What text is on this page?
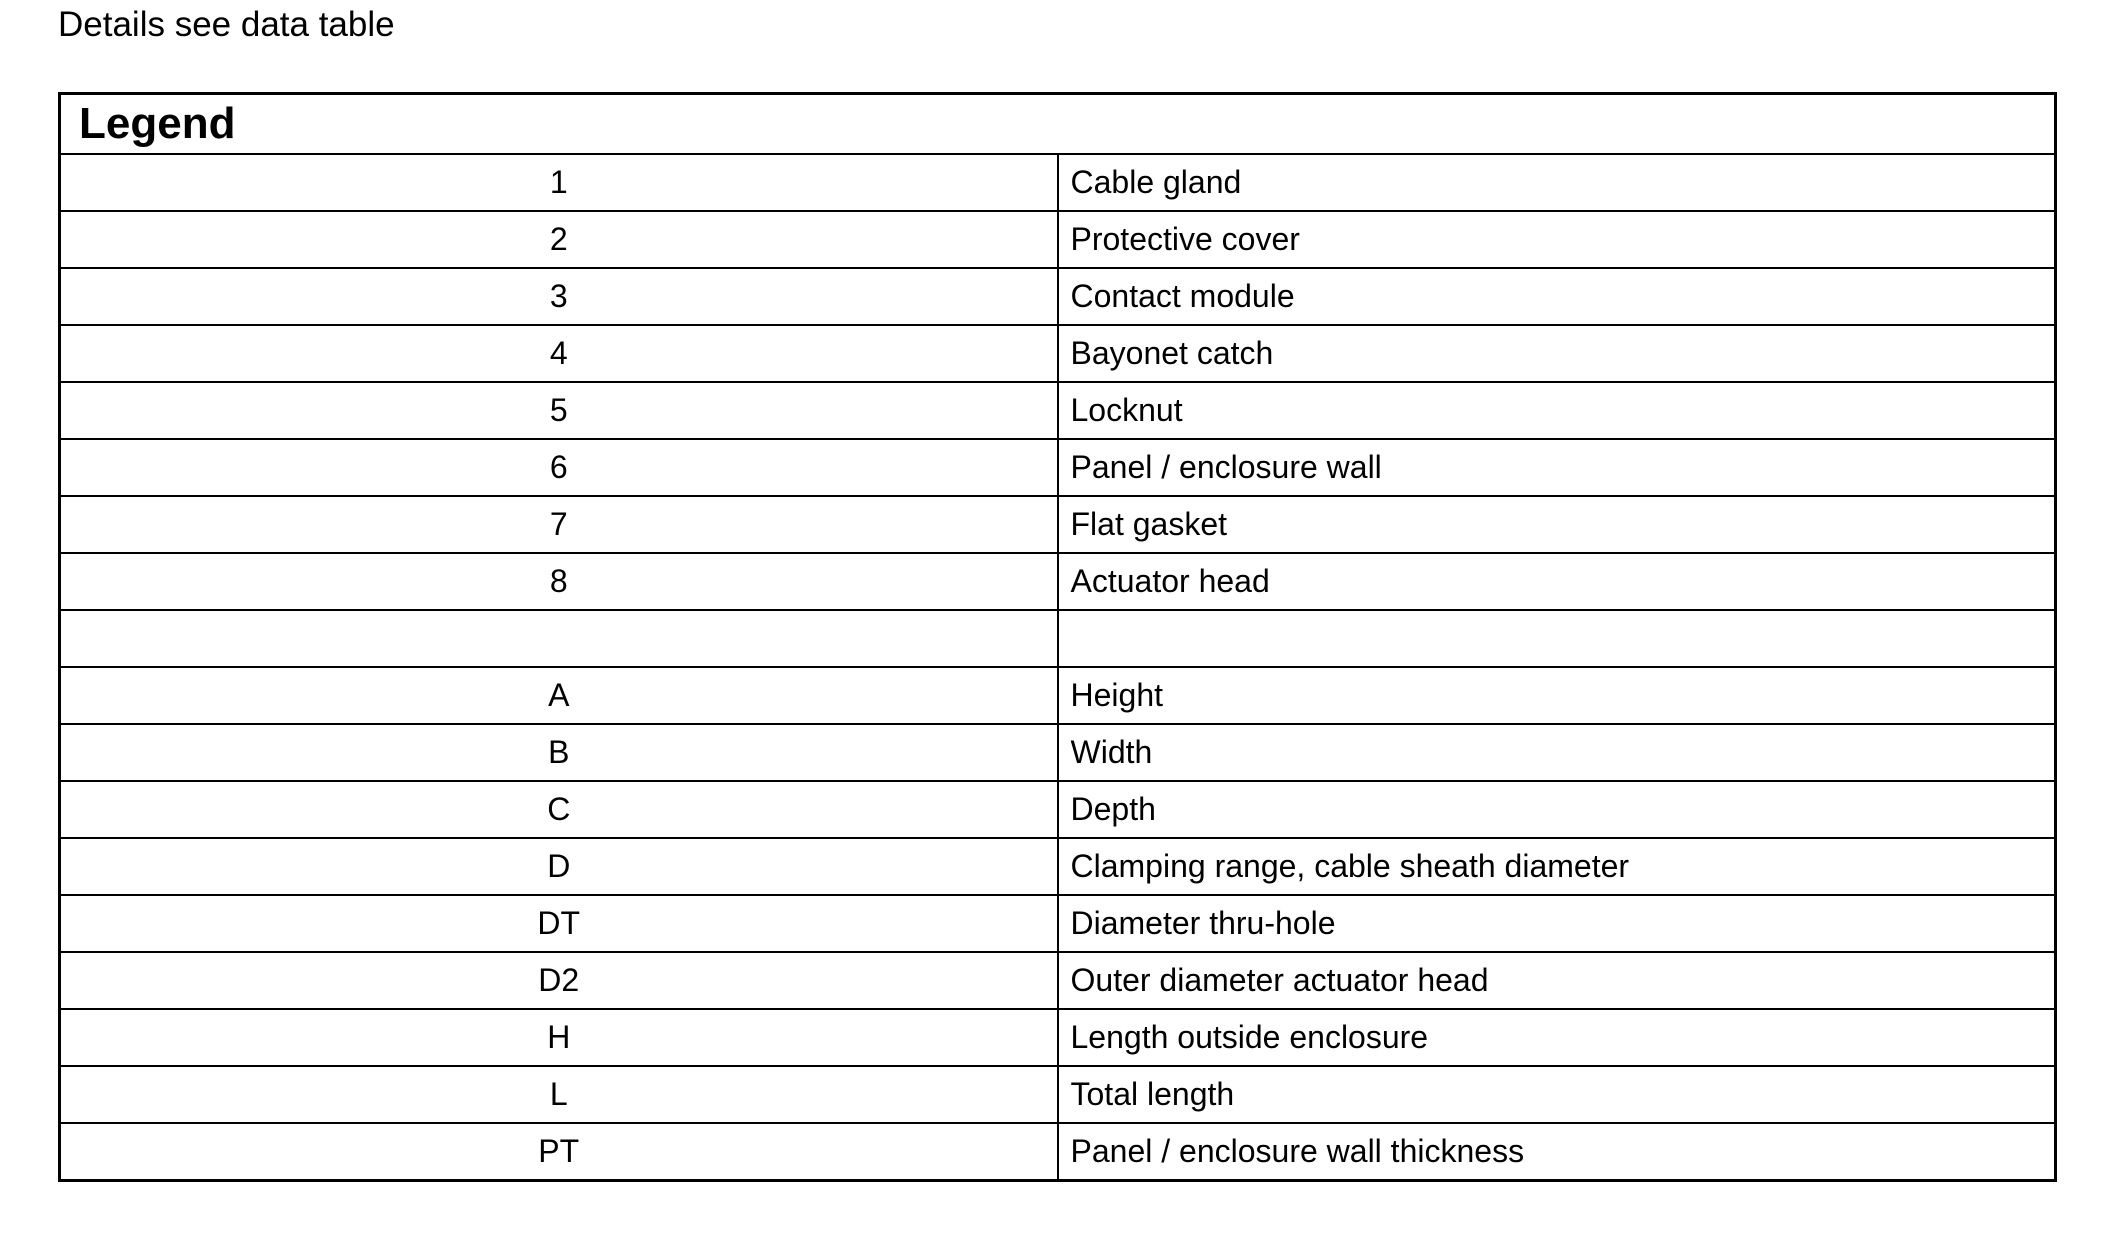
Details see data table
Legend	
1	Cable gland
2	Protective cover
3	Contact module
4	Bayonet catch
5	Locknut
6	Panel / enclosure wall
7	Flat gasket
8	Actuator head

A	Height
B	Width
C	Depth
D	Clamping range, cable sheath diameter
DT	Diameter thru-hole
D2	Outer diameter actuator head
H	Length outside enclosure
L	Total length
PT	Panel / enclosure wall thickness
